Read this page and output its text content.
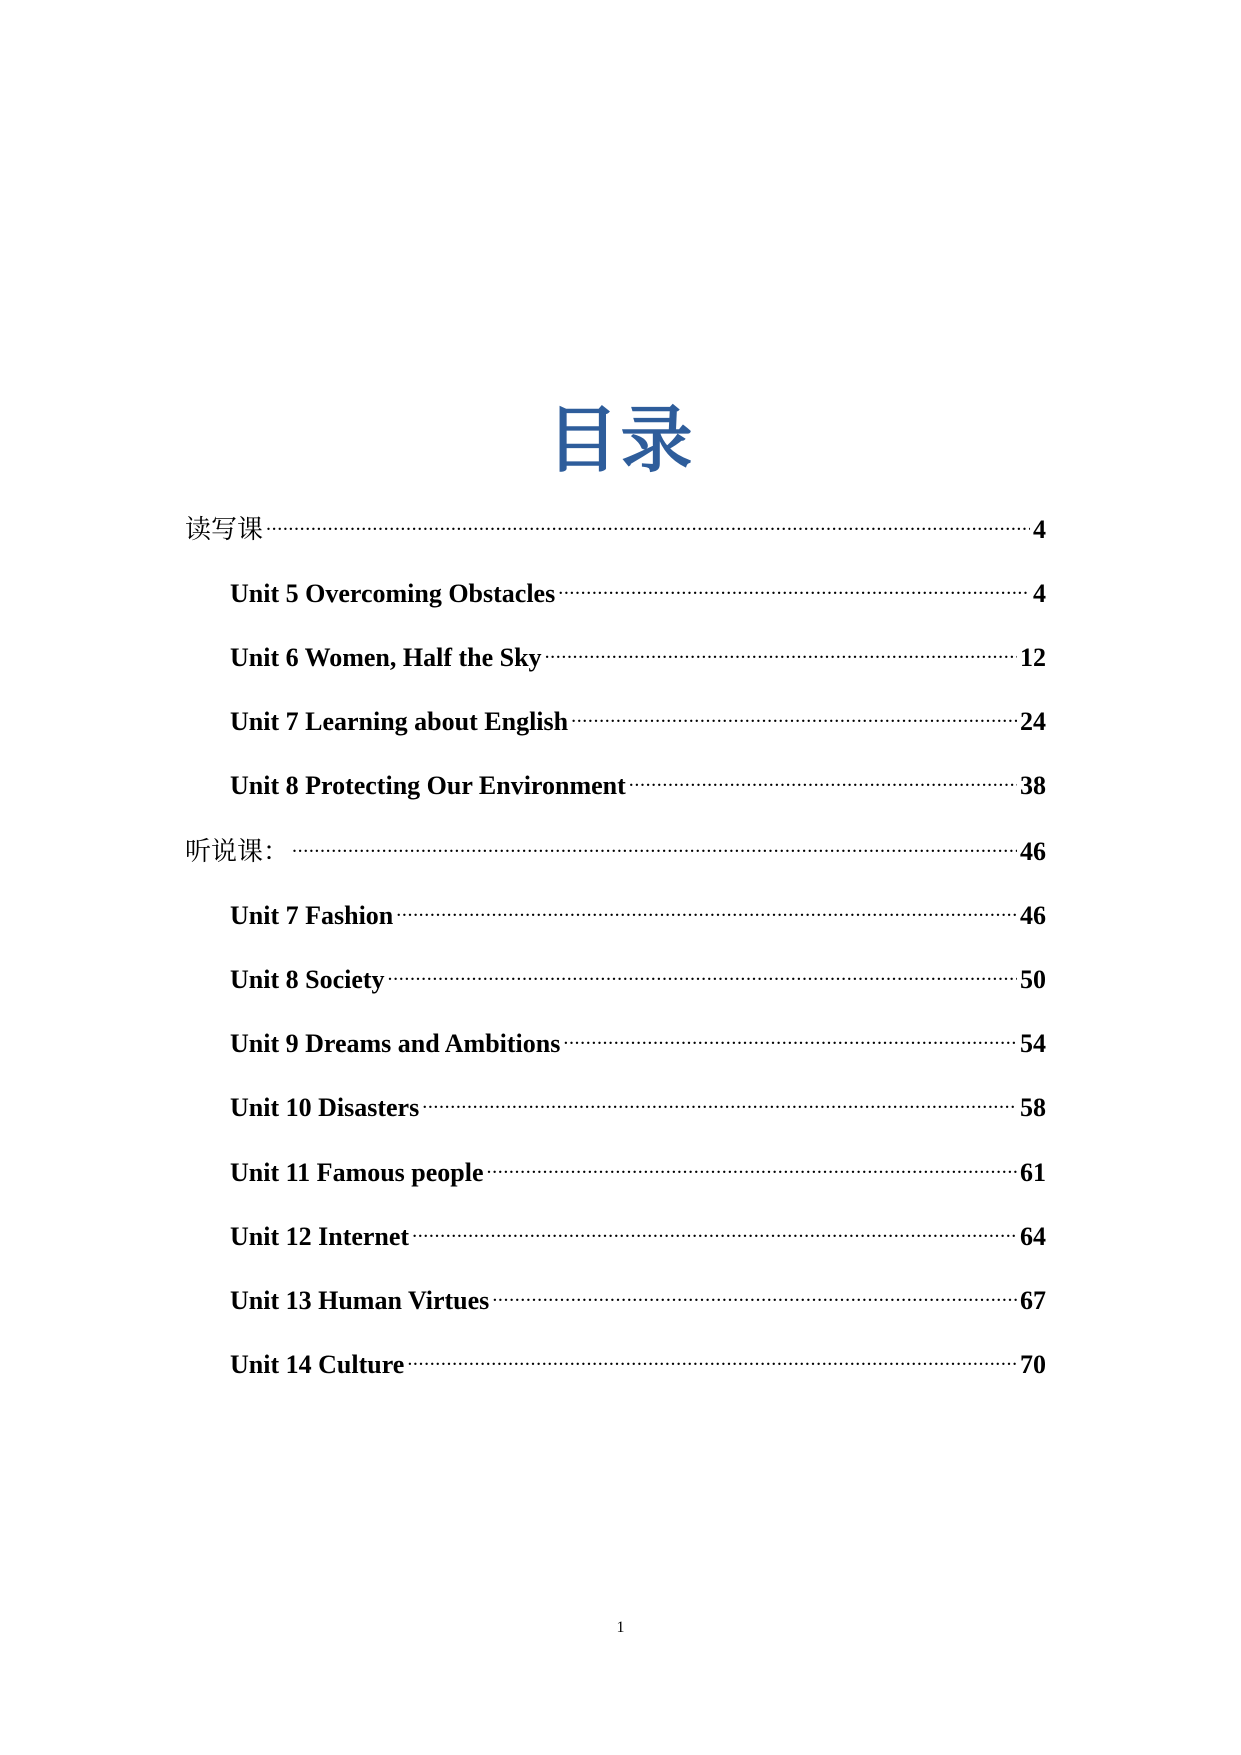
目录
读写课 .....	4
Unit 5 Overcoming Obstacles .....	4
Unit 6 Women, Half the Sky .....	12
Unit 7 Learning about English .....	24
Unit 8 Protecting Our Environment .....	38
听说课： .....	46
Unit 7 Fashion .....	46
Unit 8 Society .....	50
Unit 9 Dreams and Ambitions .....	54
Unit 10 Disasters .....	58
Unit 11 Famous people .....	61
Unit 12 Internet .....	64
Unit 13 Human Virtues .....	67
Unit 14 Culture .....	70
1
